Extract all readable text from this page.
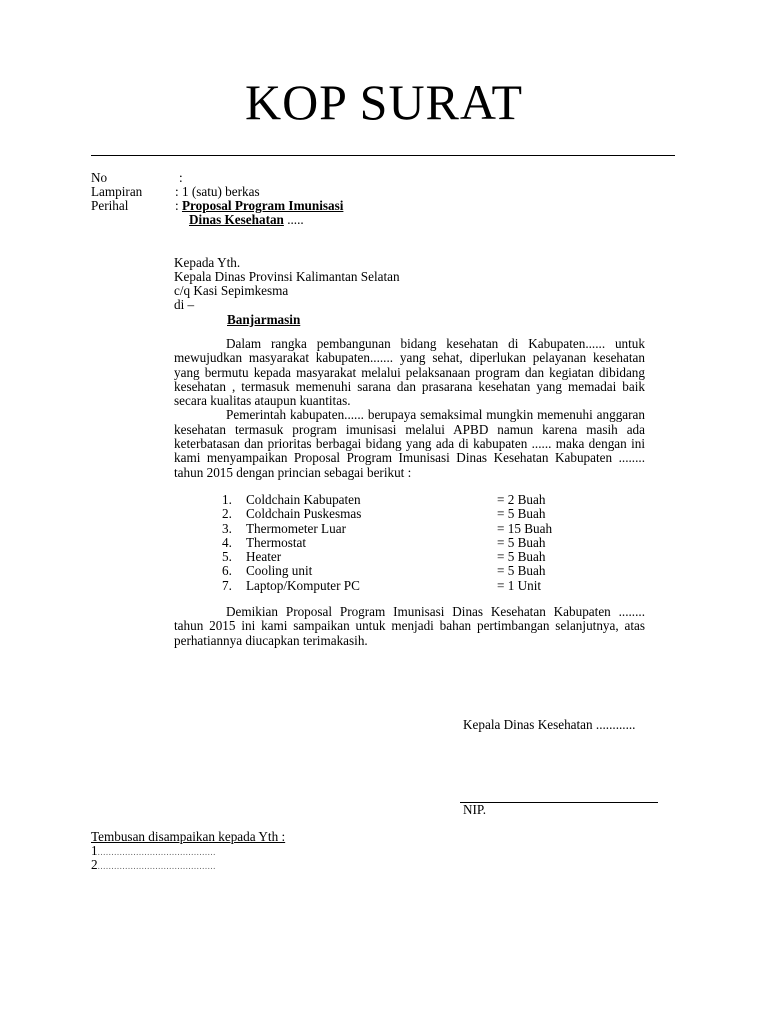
KOP SURAT
No	:
Lampiran : 1 (satu) berkas
Perihal	: Proposal Program Imunisasi
Dinas Kesehatan .....
Kepada Yth.
Kepala Dinas Provinsi Kalimantan Selatan
c/q Kasi Sepimkesma
di –
Banjarmasin

Dalam rangka pembangunan bidang kesehatan di Kabupaten...... untuk mewujudkan masyarakat kabupaten....... yang sehat, diperlukan pelayanan kesehatan yang bermutu kepada masyarakat melalui pelaksanaan program dan kegiatan dibidang kesehatan , termasuk memenuhi sarana dan prasarana kesehatan yang memadai baik secara kualitas ataupun kuantitas.

Pemerintah kabupaten...... berupaya semaksimal mungkin memenuhi anggaran kesehatan termasuk program imunisasi melalui APBD namun karena masih ada keterbatasan dan prioritas berbagai bidang yang ada di kabupaten ...... maka dengan ini kami menyampaikan Proposal Program Imunisasi Dinas Kesehatan Kabupaten ........ tahun 2015 dengan princian sebagai berikut :

1.	Coldchain Kabupaten	= 2 Buah
2.	Coldchain Puskesmas	= 5 Buah
3.	Thermometer Luar	= 15 Buah
4.	Thermostat	= 5 Buah
5.	Heater	= 5 Buah
6.	Cooling unit	= 5 Buah
7.	Laptop/Komputer PC	= 1 Unit

Demikian Proposal Program Imunisasi Dinas Kesehatan Kabupaten ........ tahun 2015 ini kami sampaikan untuk menjadi bahan pertimbangan selanjutnya, atas perhatiannya diucapkan terimakasih.

Kepala Dinas Kesehatan ............
NIP.
Tembusan disampaikan kepada Yth :
1...........................................
2...........................................
